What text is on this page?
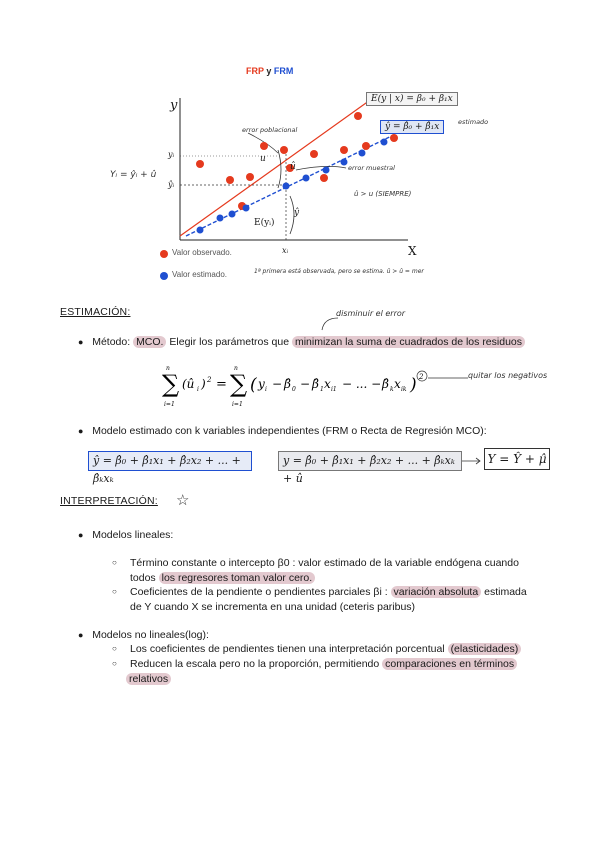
FRP y FRM
y
X
E(y | x) = β₀ + β₁x
ŷ = β̂₀ + β̂₁x	estimado
error poblacional
error muestral
û > u (SIEMPRE)
u
û
ŷ
yᵢ
ŷᵢ
xᵢ
E(yᵢ)
Yᵢ = ŷᵢ + û
Valor observado.
Valor estimado.	1ª primera está observada, pero se estima. û > û = mer
ESTIMACIÓN:	disminuir el error
● Método: MCO. Elegir los parámetros que minimizan la suma de cuadrados de los residuos
∑
n
i=1
(û i ) 2 = ∑
n
i=1
( y i − β̂ 0 − β̂ 1 x i1 − ... − β̂ k x ik ) 2	quitar los negativos
● Modelo estimado con k variables independientes (FRM o Recta de Regresión MCO):
ŷ = β̂₀ + β̂₁x₁ + β̂₂x₂ + ... + β̂ₖxₖ
y = β̂₀ + β̂₁x₁ + β̂₂x₂ + ... + β̂ₖxₖ + û
Y = Ŷ + μ̂
INTERPRETACIÓN: ☆
● Modelos lineales:
○ Término constante o intercepto β0 : valor estimado de la variable endógena cuando
todos los regresores toman valor cero.
○ Coeficientes de la pendiente o pendientes parciales βi : variación absoluta estimada
de Y cuando X se incrementa en una unidad (ceteris paribus)
● Modelos no lineales(log):
○ Los coeficientes de pendientes tienen una interpretación porcentual (elasticidades)
○ Reducen la escala pero no la proporción, permitiendo comparaciones en términos
relativos
